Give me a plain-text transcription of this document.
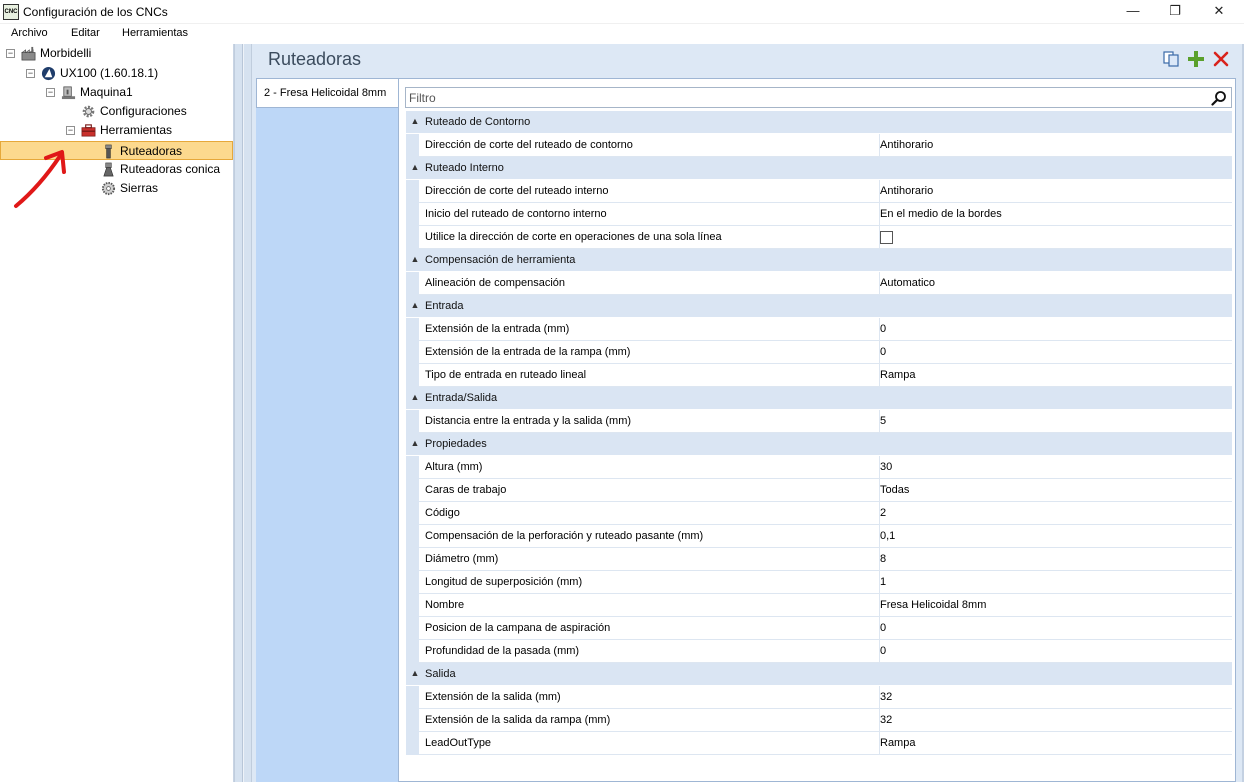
CNC Configuración de los CNCs	—	❐	✕
Archivo Editar Herramientas
− Morbidelli
− UX100 (1.60.18.1)
− Maquina1
Configuraciones
− Herramientas
Ruteadoras
Ruteadoras conica
Sierras
Ruteadoras
2 - Fresa Helicoidal 8mm
Filtro
▲ Ruteado de Contorno
Dirección de corte del ruteado de contorno	Antihorario
▲ Ruteado Interno
Dirección de corte del ruteado interno	Antihorario
Inicio del ruteado de contorno interno	En el medio de la bordes
Utilice la dirección de corte en operaciones de una sola línea
▲ Compensación de herramienta
Alineación de compensación	Automatico
▲ Entrada
Extensión de la entrada (mm)	0
Extensión de la entrada de la rampa (mm)	0
Tipo de entrada en ruteado lineal	Rampa
▲ Entrada/Salida
Distancia entre la entrada y la salida (mm)	5
▲ Propiedades
Altura (mm)	30
Caras de trabajo	Todas
Código	2
Compensación de la perforación y ruteado pasante (mm)	0,1
Diámetro (mm)	8
Longitud de superposición (mm)	1
Nombre	Fresa Helicoidal 8mm
Posicion de la campana de aspiración	0
Profundidad de la pasada (mm)	0
▲ Salida
Extensión de la salida (mm)	32
Extensión de la salida da rampa (mm)	32
LeadOutType	Rampa
